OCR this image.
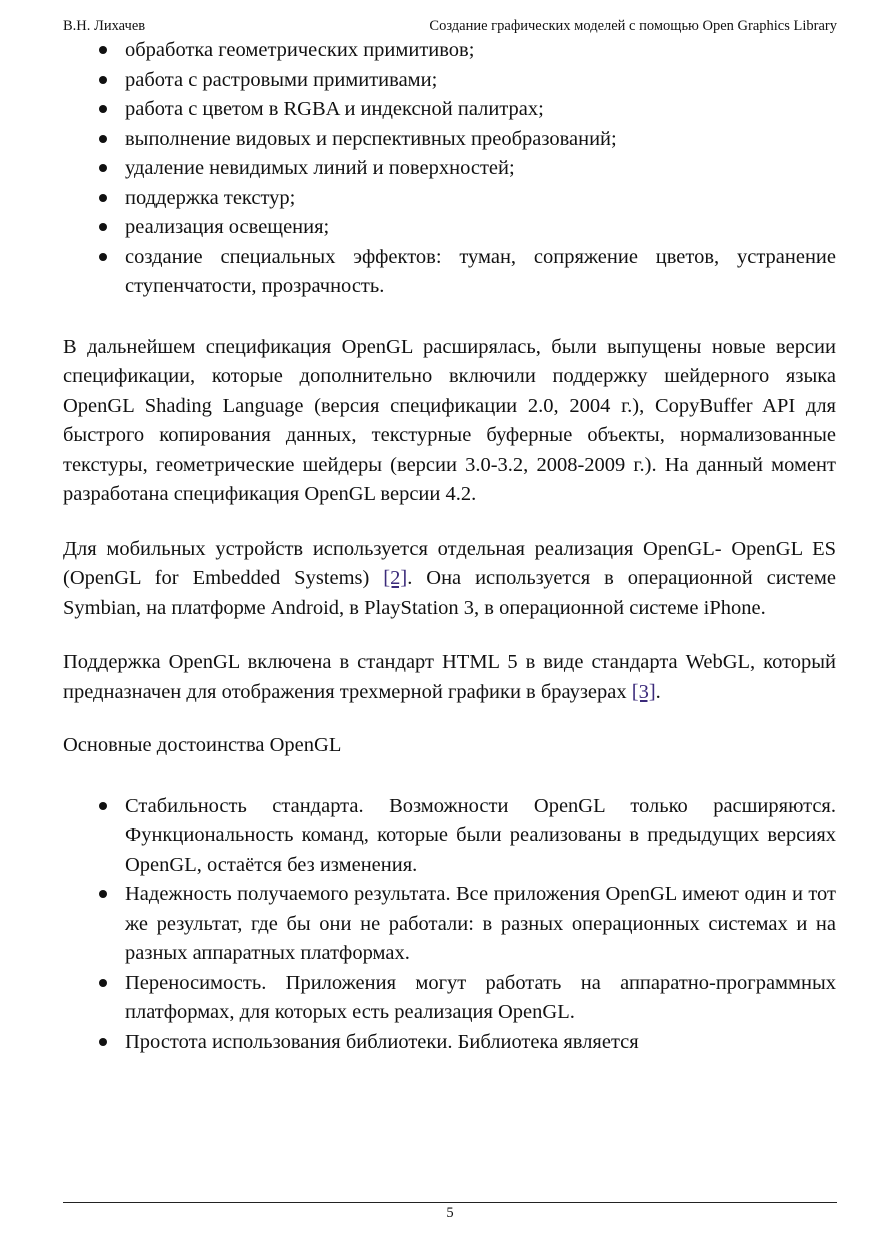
В.Н. Лихачев	Создание графических моделей с помощью Open Graphics Library
обработка геометрических примитивов;
работа с растровыми примитивами;
работа с цветом в RGBA и индексной палитрах;
выполнение видовых и перспективных преобразований;
удаление невидимых линий и поверхностей;
поддержка текстур;
реализация освещения;
создание специальных эффектов: туман, сопряжение цветов, устранение ступенчатости, прозрачность.

В дальнейшем спецификация OpenGL расширялась, были выпущены новые версии спецификации, которые дополнительно включили поддержку шейдерного языка OpenGL Shading Language (версия спецификации 2.0, 2004 г.), CopyBuffer API для быстрого копирования данных, текстурные буферные объекты, нормализованные текстуры, геометрические шейдеры (версии 3.0-3.2, 2008-2009 г.). На данный момент разработана спецификация OpenGL версии 4.2.

Для мобильных устройств используется отдельная реализация OpenGL- OpenGL ES (OpenGL for Embedded Systems) [2]. Она используется в операционной системе Symbian, на платформе Android, в PlayStation 3, в операционной системе iPhone.

Поддержка OpenGL включена в стандарт HTML 5 в виде стандарта WebGL, который предназначен для отображения трехмерной графики в браузерах [3].

Основные достоинства OpenGL

Стабильность стандарта. Возможности OpenGL только расширяются. Функциональность команд, которые были реализованы в предыдущих версиях OpenGL, остаётся без изменения.
Надежность получаемого результата. Все приложения OpenGL имеют один и тот же результат, где бы они не работали: в разных операционных системах и на разных аппаратных платформах.
Переносимость. Приложения могут работать на аппаратно-программных платформах, для которых есть реализация OpenGL.
Простота использования библиотеки. Библиотека является
5
